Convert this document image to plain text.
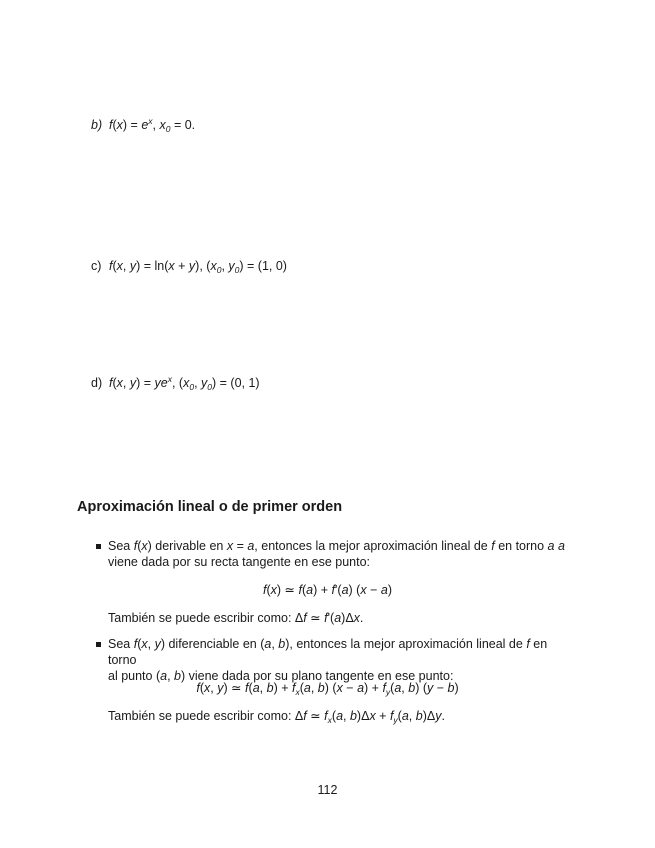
b) $f(x) = e^x$, $x_0 = 0$.
c) f(x, y) = ln(x + y), ($x_0$, $y_0) = (1$, 0)
d) f(x, $y) = ye^x$, ($x_0$, $y_0) = (0$, 1)
Aproximación lineal o de primer orden
Sea f(x) derivable en x = a, entonces la mejor aproximación lineal de f en torno a a
viene dada por su recta tangente en ese punto:
f(x) ≃ f(a) + f'(a) (x − a)
También se puede escribir como: Δf ≃ f'(a)Δx.
Sea f(x, y) diferenciable en (a, b), entonces la mejor aproximación lineal de f en torno
al punto (a, b) viene dada por su plano tangente en ese punto:
f(x, y) ≃ f(a, $b) + f_x(a$, b) $(x - a) + f_y(a$, b) (y − b)
También se puede escribir como: Δf ≃ $f_x(a$, $b)\Delta x + f_y(a$, b)Δy.
112
